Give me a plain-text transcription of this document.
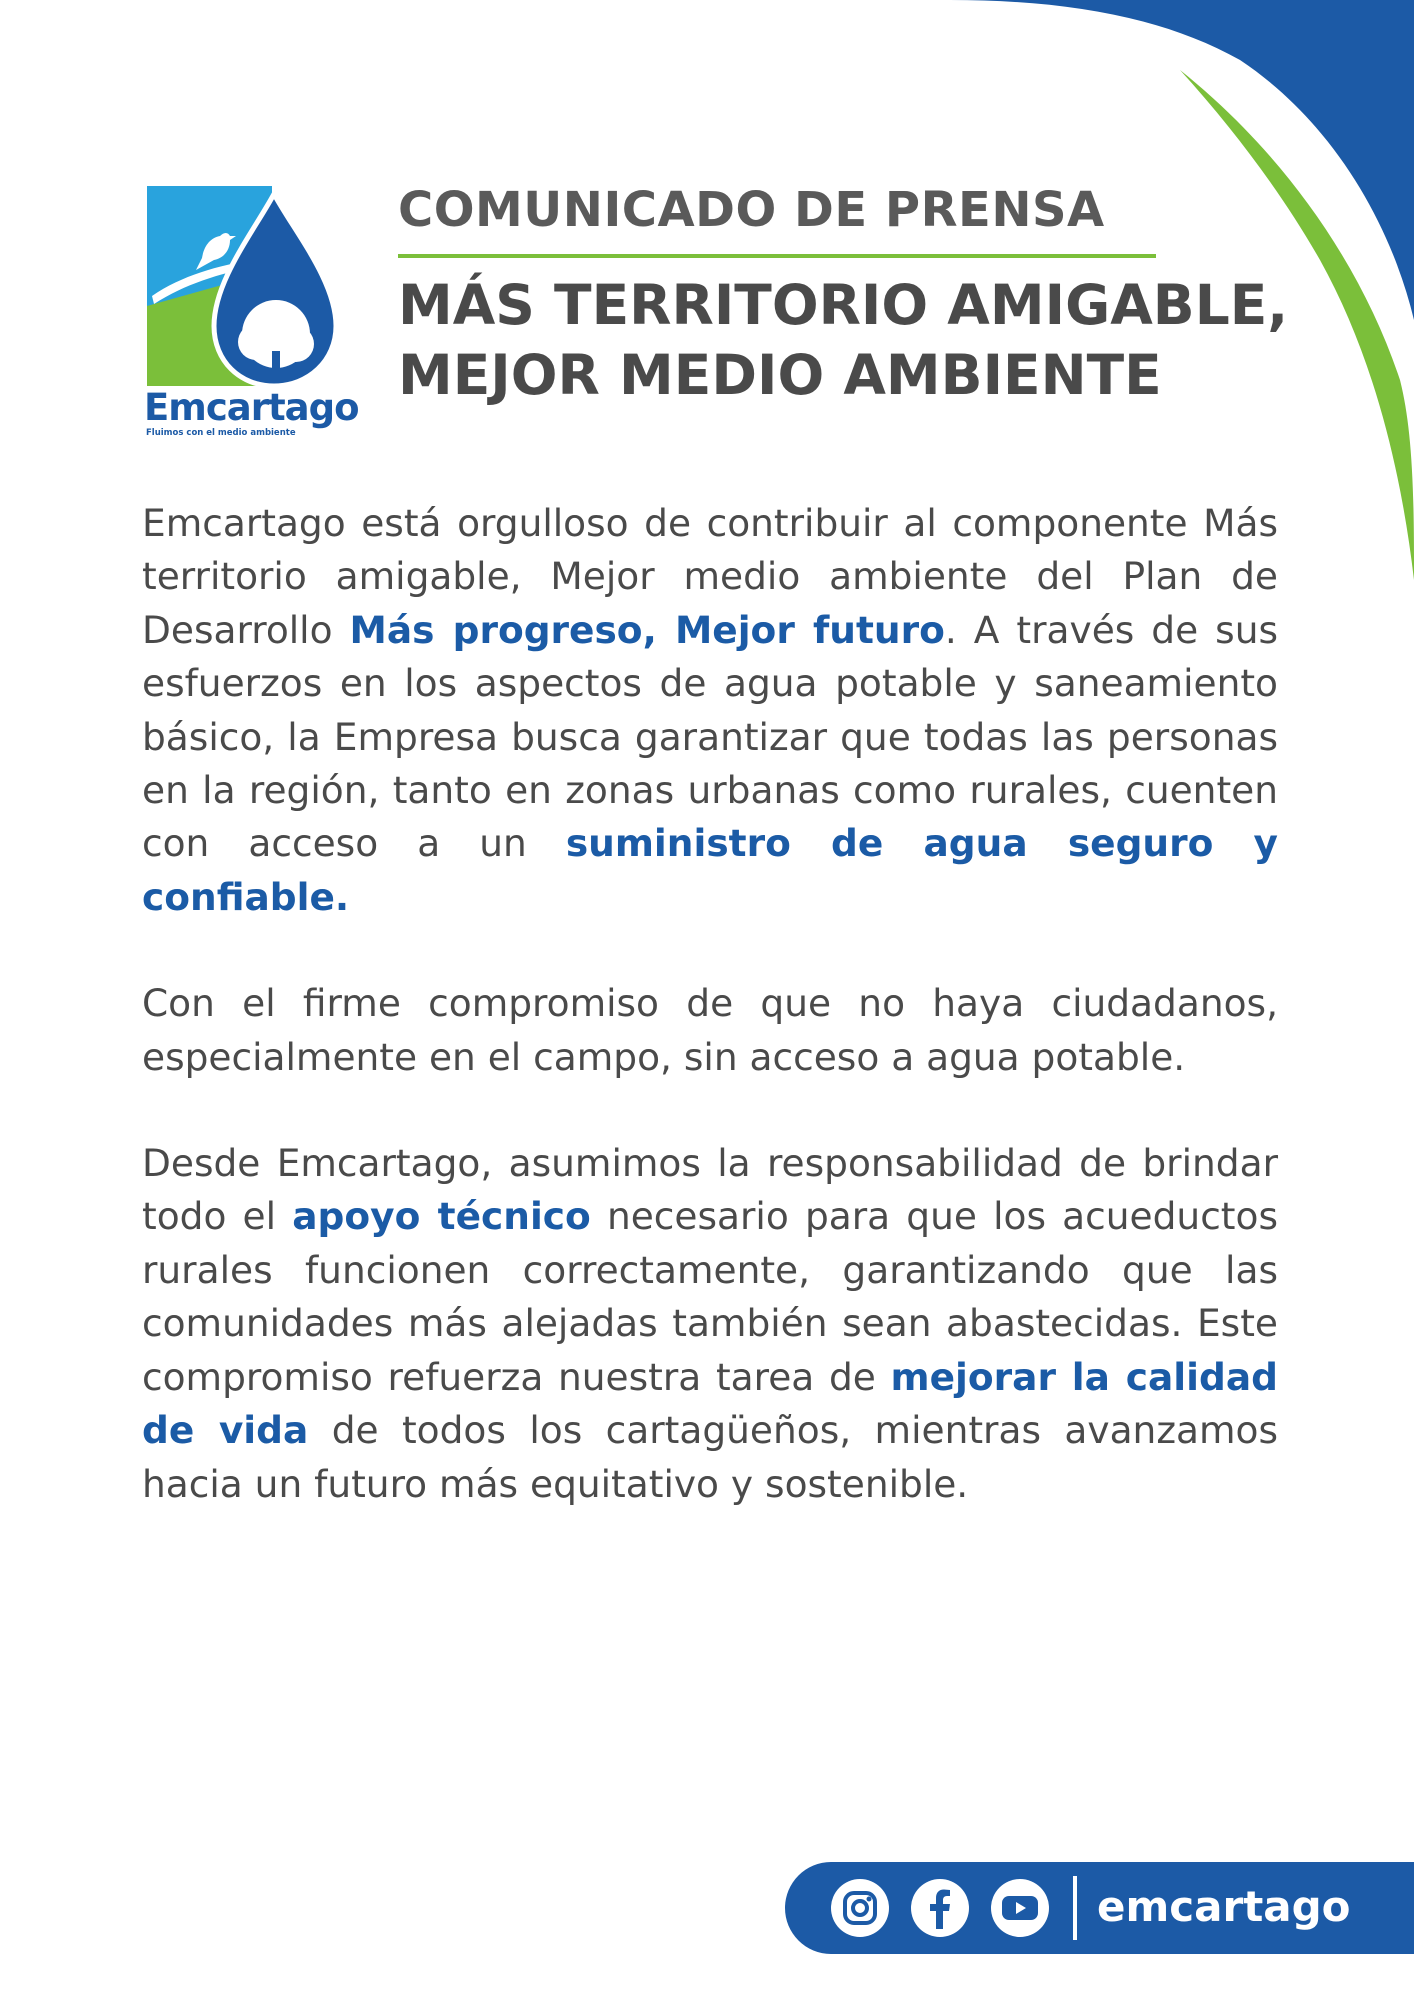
Emcartago
Fluimos con el medio ambiente
COMUNICADO DE PRENSA
MÁS TERRITORIO AMIGABLE,
MEJOR MEDIO AMBIENTE

Emcartago está orgulloso de contribuir al componente Más territorio amigable, Mejor medio ambiente del Plan de Desarrollo Más progreso, Mejor futuro. A través de sus esfuerzos en los aspectos de agua potable y saneamiento básico, la Empresa busca garantizar que todas las personas en la región, tanto en zonas urbanas como rurales, cuenten con acceso a un suministro de agua seguro y confiable.

Con el firme compromiso de que no haya ciudadanos, especialmente en el campo, sin acceso a agua potable.

Desde Emcartago, asumimos la responsabilidad de brindar todo el apoyo técnico necesario para que los acueductos rurales funcionen correctamente, garantizando que las comunidades más alejadas también sean abastecidas. Este compromiso refuerza nuestra tarea de mejorar la calidad de vida de todos los cartagüeños, mientras avanzamos hacia un futuro más equitativo y sostenible.

emcartago
